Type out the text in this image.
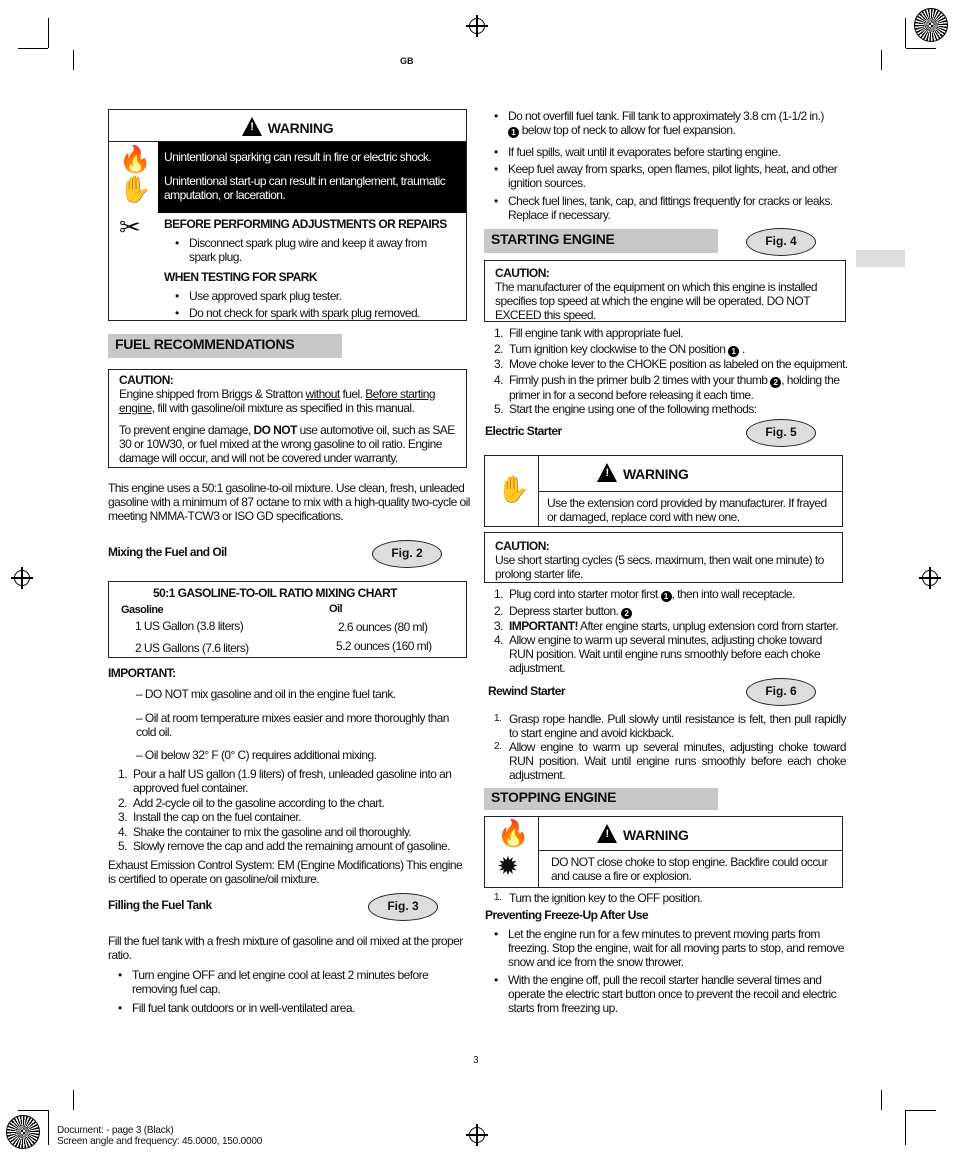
GB
! WARNING
Unintentional sparking can result in fire or electric shock.
Unintentional start-up can result in entanglement, traumatic amputation, or laceration.
🔥
✋
✂ BEFORE PERFORMING ADJUSTMENTS OR REPAIRS
• Disconnect spark plug wire and keep it away from spark plug.
WHEN TESTING FOR SPARK
• Use approved spark plug tester.
• Do not check for spark with spark plug removed.
FUEL RECOMMENDATIONS
CAUTION:
Engine shipped from Briggs & Stratton without fuel. Before starting engine, fill with gasoline/oil mixture as specified in this manual.
To prevent engine damage, DO NOT use automotive oil, such as SAE 30 or 10W30, or fuel mixed at the wrong gasoline to oil ratio. Engine damage will occur, and will not be covered under warranty.
This engine uses a 50:1 gasoline-to-oil mixture. Use clean, fresh, unleaded gasoline with a minimum of 87 octane to mix with a high-quality two-cycle oil meeting NMMA-TCW3 or ISO GD specifications.
Mixing the Fuel and Oil	Fig. 2
50:1 GASOLINE-TO-OIL RATIO MIXING CHART
Gasoline	Oil
1 US Gallon (3.8 liters)	2.6 ounces (80 ml)
2 US Gallons (7.6 liters)	5.2 ounces (160 ml)
IMPORTANT:
– DO NOT mix gasoline and oil in the engine fuel tank.
– Oil at room temperature mixes easier and more thoroughly than cold oil.
– Oil below 32° F (0° C) requires additional mixing.
1. Pour a half US gallon (1.9 liters) of fresh, unleaded gasoline into an approved fuel container.
2. Add 2-cycle oil to the gasoline according to the chart.
3. Install the cap on the fuel container.
4. Shake the container to mix the gasoline and oil thoroughly.
5. Slowly remove the cap and add the remaining amount of gasoline.
Exhaust Emission Control System: EM (Engine Modifications) This engine is certified to operate on gasoline/oil mixture.
Filling the Fuel Tank	Fig. 3
Fill the fuel tank with a fresh mixture of gasoline and oil mixed at the proper ratio.
• Turn engine OFF and let engine cool at least 2 minutes before removing fuel cap.
• Fill fuel tank outdoors or in well-ventilated area.
• Do not overfill fuel tank. Fill tank to approximately 3.8 cm (1-1/2 in.)
1 below top of neck to allow for fuel expansion.
• If fuel spills, wait until it evaporates before starting engine.
• Keep fuel away from sparks, open flames, pilot lights, heat, and other ignition sources.
• Check fuel lines, tank, cap, and fittings frequently for cracks or leaks. Replace if necessary.
STARTING ENGINE	Fig. 4
CAUTION:
The manufacturer of the equipment on which this engine is installed specifies top speed at which the engine will be operated. DO NOT EXCEED this speed.
1. Fill engine tank with appropriate fuel.
2. Turn ignition key clockwise to the ON position 1 .
3. Move choke lever to the CHOKE position as labeled on the equipment.
4. Firmly push in the primer bulb 2 times with your thumb 2 , holding the primer in for a second before releasing it each time.
5. Start the engine using one of the following methods:
Electric Starter	Fig. 5
✋
! WARNING
Use the extension cord provided by manufacturer. If frayed or damaged, replace cord with new one.
CAUTION:
Use short starting cycles (5 secs. maximum, then wait one minute) to prolong starter life.
1. Plug cord into starter motor first 1 , then into wall receptacle.
2. Depress starter button. 2
3. IMPORTANT! After engine starts, unplug extension cord from starter.
4. Allow engine to warm up several minutes, adjusting choke toward RUN position. Wait until engine runs smoothly before each choke adjustment.
Rewind Starter	Fig. 6
1. Grasp rope handle. Pull slowly until resistance is felt, then pull rapidly to start engine and avoid kickback.
2. Allow engine to warm up several minutes, adjusting choke toward RUN position. Wait until engine runs smoothly before each choke adjustment.
STOPPING ENGINE
🔥
✹
! WARNING
DO NOT close choke to stop engine. Backfire could occur and cause a fire or explosion.
1. Turn the ignition key to the OFF position.
Preventing Freeze-Up After Use
• Let the engine run for a few minutes to prevent moving parts from freezing. Stop the engine, wait for all moving parts to stop, and remove snow and ice from the snow thrower.
• With the engine off, pull the recoil starter handle several times and operate the electric start button once to prevent the recoil and electric starts from freezing up.
3
Document: - page 3 (Black)
Screen angle and frequency: 45.0000, 150.0000
